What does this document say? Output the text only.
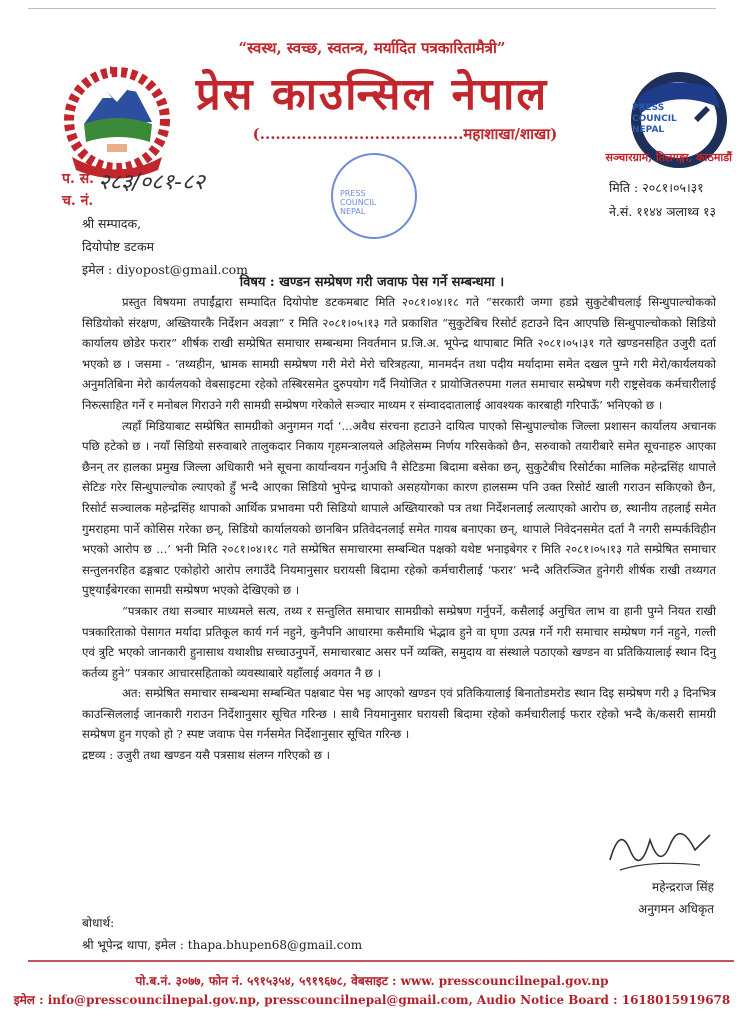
“स्वस्थ, स्वच्छ, स्वतन्त्र, मर्यादित पत्रकारितामैत्री”
प्रेस काउन्सिल नेपाल
(.......................................महाशाखा/शाखा)
PRESS
COUNCIL
NEPAL
सञ्चारग्राम, तिलगङ्गा, काठमाडौं
PRESS
COUNCIL
NEPAL
प. सं.
च. नं.
२८३/०८१-८२	मिति : २०८१।०५।३१
ने.सं. ११४४ ञलाथ्व १३
श्री सम्पादक,
दियोपोष्ट डटकम
इमेल : diyopost@gmail.com
विषय : खण्डन सम्प्रेषण गरी जवाफ पेस गर्ने सम्बन्धमा ।

प्रस्तुत विषयमा तपाईंद्वारा सम्पादित दियोपोष्ट डटकमबाट मिति २०८१।०४।१८ गते “सरकारी जग्गा हडप्ने सुकुटेबीचलाई सिन्धुपाल्चोकको सिडियोको संरक्षण, अख्तियारकै निर्देशन अवज्ञा” र मिति २०८१।०५।१३ गते प्रकाशित “सुकुटेबिच रिसोर्ट हटाउने दिन आएपछि सिन्धुपाल्चोकको सिडियो कार्यालय छोडेर फरार” शीर्षक राखी सम्प्रेषित समाचार सम्बन्धमा निवर्तमान प्र.जि.अ. भूपेन्द्र थापाबाट मिति २०८१।०५।३१ गते खण्डनसहित उजुरी दर्ता भएको छ । जसमा - ‘तथ्यहीन, भ्रामक सामग्री सम्प्रेषण गरी मेरो मेरो चरित्रहत्या, मानमर्दन तथा पदीय मर्यादामा समेत दखल पुग्ने गरी मेरो/कार्यलयको अनुमतिबिना मेरो कार्यलयको वेबसाइटमा रहेको तस्बिरसमेत दुरुपयोग गर्दै नियोजित र प्रायोजितरुपमा गलत समाचार सम्प्रेषण गरी राष्ट्रसेवक कर्मचारीलाई निरुत्साहित गर्ने र मनोबल गिराउने गरी सामग्री सम्प्रेषण गरेकोले सञ्चार माध्यम र संम्वाददातालाई आवश्यक कारबाही गरिपाऊँ’ भनिएको छ ।

त्यहाँ मिडियाबाट सम्प्रेषित सामग्रीको अनुगमन गर्दा ‘...अवैध संरचना हटाउने दायित्व पाएको सिन्धुपाल्चोक जिल्ला प्रशासन कार्यालय अचानक पछि हटेको छ । नयाँ सिडियो सरुवाबारे तालुकदार निकाय गृहमन्त्रालयले अहिलेसम्म निर्णय गरिसकेको छैन, सरुवाको तयारीबारे समेत सूचनाहरु आएका छैनन् तर हालका प्रमुख जिल्ला अधिकारी भने सूचना कार्यान्वयन गर्नुअघि नै सेटिङमा बिदामा बसेका छन्, सुकुटेबीच रिसोर्टका मालिक महेन्द्रसिंह थापाले सेटिङ गरेर सिन्धुपाल्चोक ल्याएको हुँ भन्दै आएका सिडियो भुपेन्द्र थापाको असहयोगका कारण हालसम्म पनि उक्त रिसोर्ट खाली गराउन सकिएको छैन, रिसोर्ट सञ्चालक महेन्द्रसिंह थापाको आर्थिक प्रभावमा परी सिडियो थापाले अख्तियारको पत्र तथा निर्देशनलाई लत्याएको आरोप छ, स्थानीय तहलाई समेत गुमराहमा पार्ने कोसिस गरेका छन्, सिडियो कार्यालयको छानबिन प्रतिवेदनलाई समेत गायब बनाएका छन्, थापाले निवेदनसमेत दर्ता नै नगरी सम्पर्कविहीन भएको आरोप छ ...’ भनी मिति २०८१।०४।१८ गते सम्प्रेषित समाचारमा सम्बन्धित पक्षको यथेष्ट भनाइबेगर र मिति २०८१।०५।१३ गते सम्प्रेषित समाचार सन्तुलनरहित ढङ्गबाट एकोहोरो आरोप लगाउँदै नियमानुसार घरायसी बिदामा रहेको कर्मचारीलाई ‘फरार’ भन्दै अतिरञ्जित हुनेगरी शीर्षक राखी तथ्यगत पुष्ट्याईंबेगरका सामग्री सम्प्रेषण भएको देखिएको छ ।

“पत्रकार तथा सञ्चार माध्यमले सत्य, तथ्य र सन्तुलित समाचार सामग्रीको सम्प्रेषण गर्नुपर्ने, कसैलाई अनुचित लाभ वा हानी पुग्ने नियत राखी पत्रकारिताको पेसागत मर्यादा प्रतिकूल कार्य गर्न नहुने, कुनैपनि आधारमा कसैमाथि भेद्भाव हुने वा घृणा उत्पन्न गर्ने गरी समाचार सम्प्रेषण गर्न नहुने, गल्ती एवं त्रुटि भएको जानकारी हुनासाथ यथाशीघ्र सच्चाउनुपर्ने, समाचारबाट असर पर्ने व्यक्ति, समुदाय वा संस्थाले पठाएको खण्डन वा प्रतिकियालाई स्थान दिनु कर्तव्य हुने” पत्रकार आचारसहिताको व्यवस्थाबारे यहाँलाई अवगत नै छ ।

अत: सम्प्रेषित समाचार सम्बन्धमा सम्बन्धित पक्षबाट पेस भइ आएको खण्डन एवं प्रतिकियालाई बिनातोडमरोड स्थान दिइ सम्प्रेषण गरी ३ दिनभित्र काउन्सिललाई जानकारी गराउन निर्देशानुसार सूचित गरिन्छ । साथै नियमानुसार घरायसी बिदामा रहेको कर्मचारीलाई फरार रहेको भन्दै के/कसरी सामग्री सम्प्रेषण हुन गएको हो ? स्पष्ट जवाफ पेस गर्नसमेत निर्देशानुसार सूचित गरिन्छ ।

द्रष्टव्य : उजुरी तथा खण्डन यसै पत्रसाथ संलग्न गरिएको छ ।

महेन्द्रराज सिंह
अनुगमन अधिकृत
बोधार्थ:
श्री भूपेन्द्र थापा, इमेल : thapa.bhupen68@gmail.com
पो.ब.नं. ३०७७, फोन नं. ५९१५३५४, ५९१९६७८, वेबसाइट : www. presscouncilnepal.gov.np
इमेल : info@presscouncilnepal.gov.np, presscouncilnepal@gmail.com, Audio Notice Board : 1618015919678
